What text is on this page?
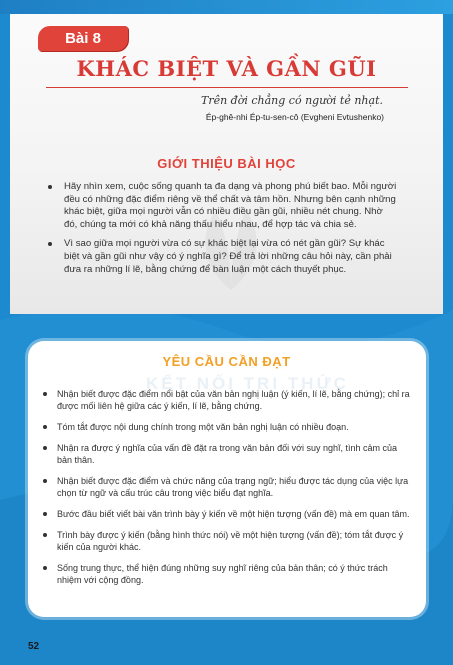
Bài 8
KHÁC BIỆT VÀ GẦN GŨI
Trên đời chẳng có người tẻ nhạt.
Ép-ghê-nhi Ép-tu-sen-cô (Evgheni Evtushenko)
GIỚI THIỆU BÀI HỌC
Hãy nhìn xem, cuộc sống quanh ta đa dạng và phong phú biết bao. Mỗi người đều có những đặc điểm riêng về thể chất và tâm hồn. Nhưng bên cạnh những khác biệt, giữa mọi người vẫn có nhiều điều gần gũi, nhiều nét chung. Nhờ đó, chúng ta mới có khả năng thấu hiểu nhau, để hợp tác và chia sẻ.
Vì sao giữa mọi người vừa có sự khác biệt lại vừa có nét gần gũi? Sự khác biệt và gần gũi như vậy có ý nghĩa gì? Để trả lời những câu hỏi này, cần phải đưa ra những lí lẽ, bằng chứng để bàn luận một cách thuyết phục.
KẾT NỐI TRI THỨC
YÊU CẦU CẦN ĐẠT
Nhận biết được đặc điểm nổi bật của văn bản nghị luận (ý kiến, lí lẽ, bằng chứng); chỉ ra được mối liên hệ giữa các ý kiến, lí lẽ, bằng chứng.
Tóm tắt được nội dung chính trong một văn bản nghị luận có nhiều đoạn.
Nhận ra được ý nghĩa của vấn đề đặt ra trong văn bản đối với suy nghĩ, tình cảm của bản thân.
Nhận biết được đặc điểm và chức năng của trạng ngữ; hiểu được tác dụng của việc lựa chọn từ ngữ và cấu trúc câu trong việc biểu đạt nghĩa.
Bước đầu biết viết bài văn trình bày ý kiến về một hiện tượng (vấn đề) mà em quan tâm.
Trình bày được ý kiến (bằng hình thức nói) về một hiện tượng (vấn đề); tóm tắt được ý kiến của người khác.
Sống trung thực, thể hiện đúng những suy nghĩ riêng của bản thân; có ý thức trách nhiệm với cộng đồng.
52
